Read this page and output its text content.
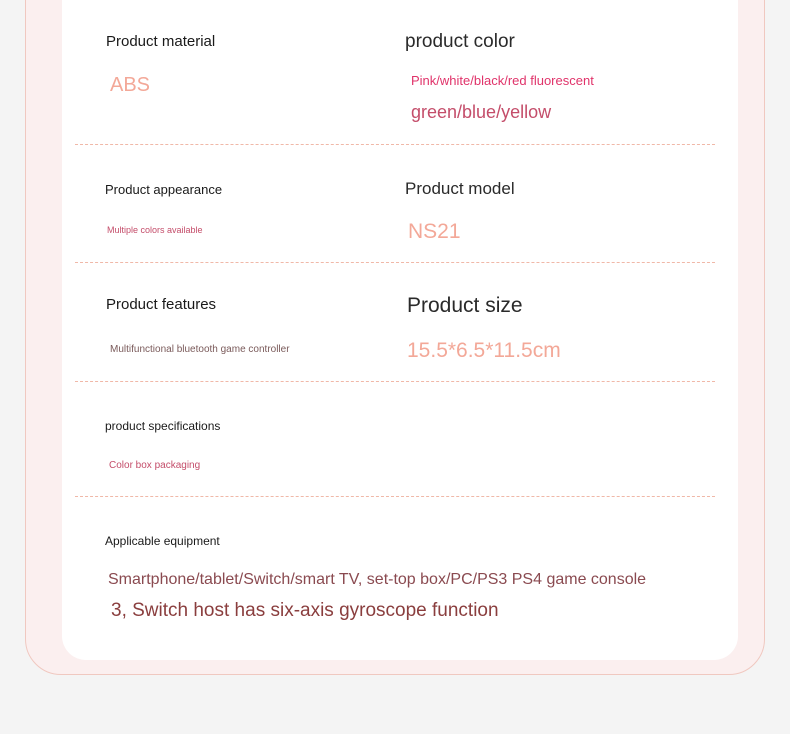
Product material
ABS
product color
Pink/white/black/red fluorescent
green/blue/yellow
Product appearance
Multiple colors available
Product model
NS21
Product features
Multifunctional bluetooth game controller
Product size
15.5*6.5*11.5cm
product specifications
Color box packaging
Applicable equipment
Smartphone/tablet/Switch/smart TV, set-top box/PC/PS3 PS4 game console
3, Switch host has six-axis gyroscope function
